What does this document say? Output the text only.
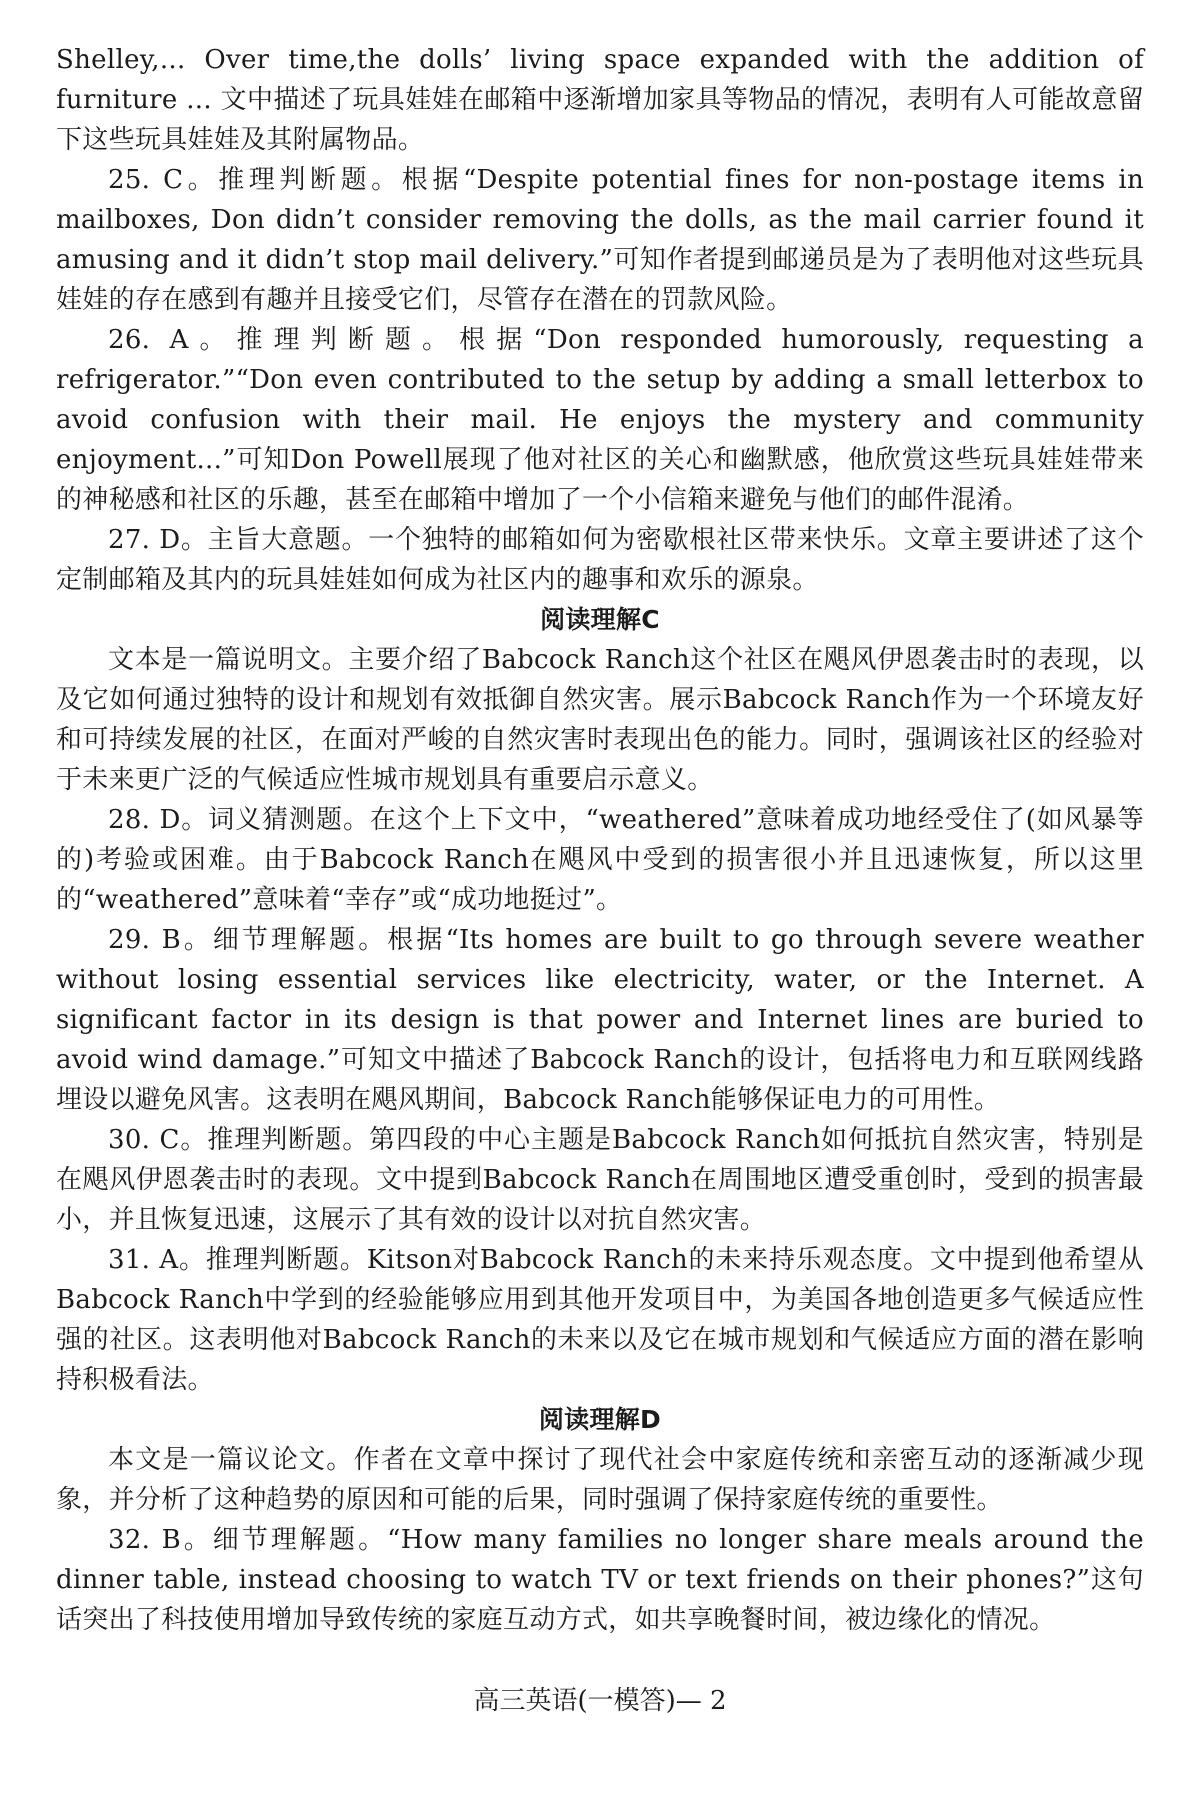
Shelley,... Over time,the dolls’ living space expanded with the addition of furniture ... 文中描述了玩具娃娃在邮箱中逐渐增加家具等物品的情况，表明有人可能故意留下这些玩具娃娃及其附属物品。

25. C。推理判断题。根据“Despite potential fines for non-postage items in mailboxes, Don didn’t consider removing the dolls, as the mail carrier found it amusing and it didn’t stop mail delivery.”可知作者提到邮递员是为了表明他对这些玩具娃娃的存在感到有趣并且接受它们，尽管存在潜在的罚款风险。

26. A。推理判断题。根据“Don responded humorously, requesting a refrigerator.”“Don even contributed to the setup by adding a small letterbox to avoid confusion with their mail. He enjoys the mystery and community enjoyment...”可知Don Powell展现了他对社区的关心和幽默感，他欣赏这些玩具娃娃带来的神秘感和社区的乐趣，甚至在邮箱中增加了一个小信箱来避免与他们的邮件混淆。

27. D。主旨大意题。一个独特的邮箱如何为密歇根社区带来快乐。文章主要讲述了这个定制邮箱及其内的玩具娃娃如何成为社区内的趣事和欢乐的源泉。

阅读理解C

文本是一篇说明文。主要介绍了Babcock Ranch这个社区在飓风伊恩袭击时的表现，以及它如何通过独特的设计和规划有效抵御自然灾害。展示Babcock Ranch作为一个环境友好和可持续发展的社区，在面对严峻的自然灾害时表现出色的能力。同时，强调该社区的经验对于未来更广泛的气候适应性城市规划具有重要启示意义。

28. D。词义猜测题。在这个上下文中，“weathered”意味着成功地经受住了(如风暴等的)考验或困难。由于Babcock Ranch在飓风中受到的损害很小并且迅速恢复，所以这里的“weathered”意味着“幸存”或“成功地挺过”。

29. B。细节理解题。根据“Its homes are built to go through severe weather without losing essential services like electricity, water, or the Internet. A significant factor in its design is that power and Internet lines are buried to avoid wind damage.”可知文中描述了Babcock Ranch的设计，包括将电力和互联网线路埋设以避免风害。这表明在飓风期间，Babcock Ranch能够保证电力的可用性。

30. C。推理判断题。第四段的中心主题是Babcock Ranch如何抵抗自然灾害，特别是在飓风伊恩袭击时的表现。文中提到Babcock Ranch在周围地区遭受重创时，受到的损害最小，并且恢复迅速，这展示了其有效的设计以对抗自然灾害。

31. A。推理判断题。Kitson对Babcock Ranch的未来持乐观态度。文中提到他希望从Babcock Ranch中学到的经验能够应用到其他开发项目中，为美国各地创造更多气候适应性强的社区。这表明他对Babcock Ranch的未来以及它在城市规划和气候适应方面的潜在影响持积极看法。

阅读理解D

本文是一篇议论文。作者在文章中探讨了现代社会中家庭传统和亲密互动的逐渐减少现象，并分析了这种趋势的原因和可能的后果，同时强调了保持家庭传统的重要性。

32. B。细节理解题。“How many families no longer share meals around the dinner table, instead choosing to watch TV or text friends on their phones?”这句话突出了科技使用增加导致传统的家庭互动方式，如共享晚餐时间，被边缘化的情况。

高三英语(一模答)— 2
